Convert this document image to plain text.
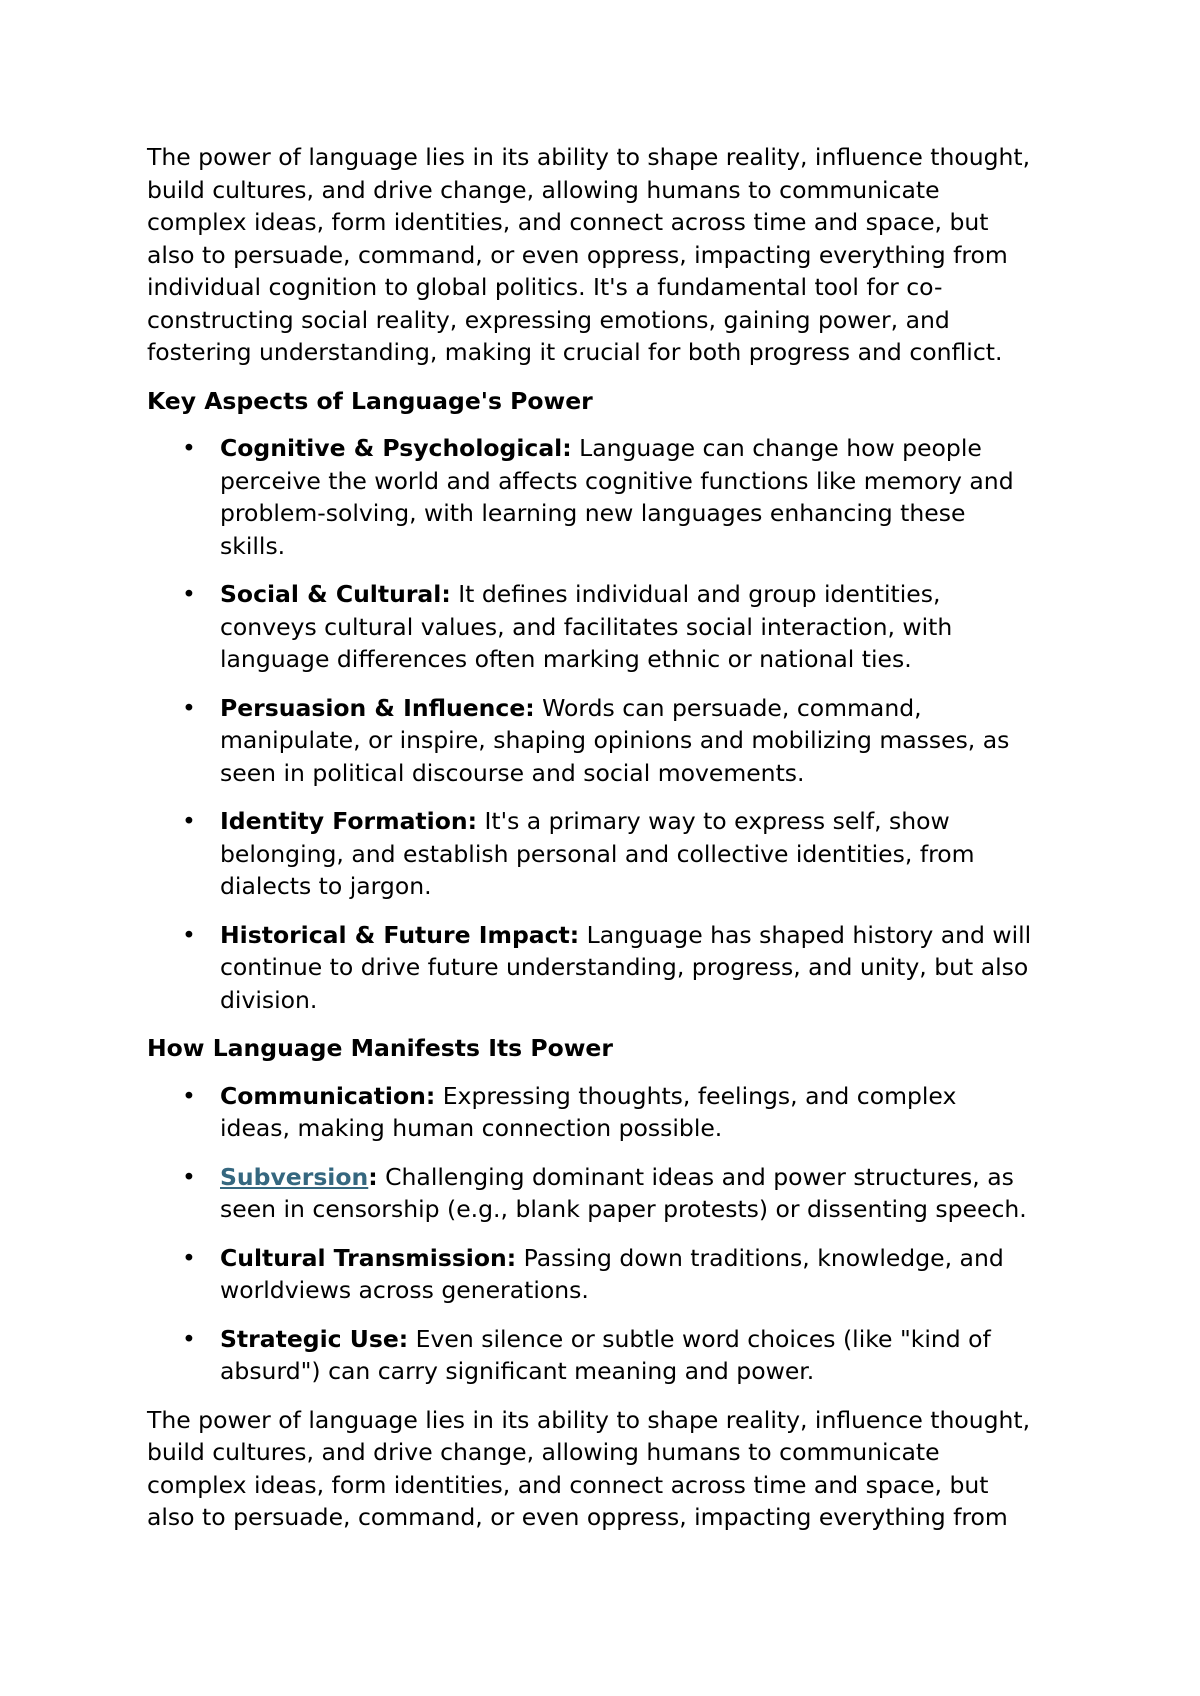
The power of language lies in its ability to shape reality, influence thought,
build cultures, and drive change, allowing humans to communicate
complex ideas, form identities, and connect across time and space, but
also to persuade, command, or even oppress, impacting everything from
individual cognition to global politics. It's a fundamental tool for co-
constructing social reality, expressing emotions, gaining power, and
fostering understanding, making it crucial for both progress and conflict.

Key Aspects of Language's Power

• Cognitive & Psychological: Language can change how people
perceive the world and affects cognitive functions like memory and
problem-solving, with learning new languages enhancing these
skills.
• Social & Cultural: It defines individual and group identities,
conveys cultural values, and facilitates social interaction, with
language differences often marking ethnic or national ties.
• Persuasion & Influence: Words can persuade, command,
manipulate, or inspire, shaping opinions and mobilizing masses, as
seen in political discourse and social movements.
• Identity Formation: It's a primary way to express self, show
belonging, and establish personal and collective identities, from
dialects to jargon.
• Historical & Future Impact: Language has shaped history and will
continue to drive future understanding, progress, and unity, but also
division.

How Language Manifests Its Power

• Communication: Expressing thoughts, feelings, and complex
ideas, making human connection possible.
• Subversion: Challenging dominant ideas and power structures, as
seen in censorship (e.g., blank paper protests) or dissenting speech.
• Cultural Transmission: Passing down traditions, knowledge, and
worldviews across generations.
• Strategic Use: Even silence or subtle word choices (like "kind of
absurd") can carry significant meaning and power.

The power of language lies in its ability to shape reality, influence thought,
build cultures, and drive change, allowing humans to communicate
complex ideas, form identities, and connect across time and space, but
also to persuade, command, or even oppress, impacting everything from
